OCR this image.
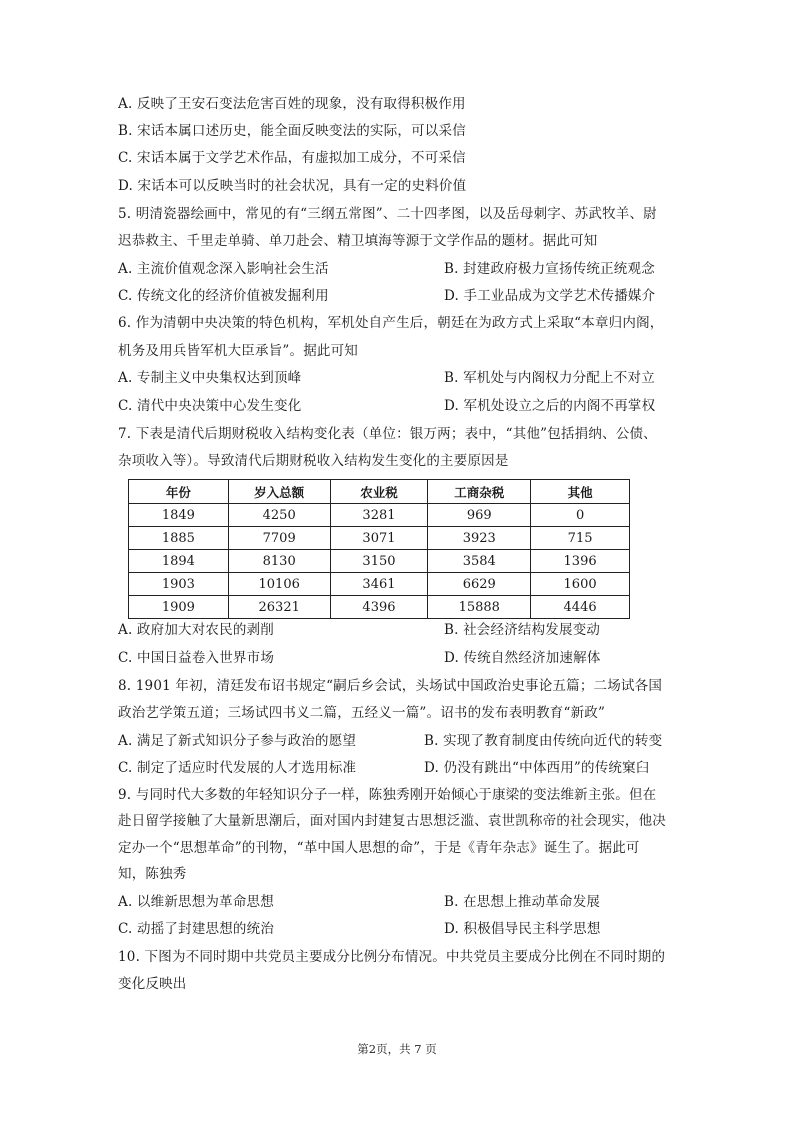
A. 反映了王安石变法危害百姓的现象，没有取得积极作用
B. 宋话本属口述历史，能全面反映变法的实际，可以采信
C. 宋话本属于文学艺术作品，有虚拟加工成分，不可采信
D. 宋话本可以反映当时的社会状况，具有一定的史料价值
5. 明清瓷器绘画中，常见的有“三纲五常图”、二十四孝图，以及岳母刺字、苏武牧羊、尉
迟恭救主、千里走单骑、单刀赴会、精卫填海等源于文学作品的题材。据此可知
A. 主流价值观念深入影响社会生活	B. 封建政府极力宣扬传统正统观念
C. 传统文化的经济价值被发掘利用	D. 手工业品成为文学艺术传播媒介
6. 作为清朝中央决策的特色机构，军机处自产生后，朝廷在为政方式上采取“本章归内阁，
机务及用兵皆军机大臣承旨”。据此可知
A. 专制主义中央集权达到顶峰	B. 军机处与内阁权力分配上不对立
C. 清代中央决策中心发生变化	D. 军机处设立之后的内阁不再掌权
7. 下表是清代后期财税收入结构变化表（单位：银万两；表中，“其他”包括捐纳、公债、
杂项收入等）。导致清代后期财税收入结构发生变化的主要原因是
年份	岁入总额	农业税	工商杂税	其他
1849	4250	3281	969	0
1885	7709	3071	3923	715
1894	8130	3150	3584	1396
1903	10106	3461	6629	1600
1909	26321	4396	15888	4446
A. 政府加大对农民的剥削	B. 社会经济结构发展变动
C. 中国日益卷入世界市场	D. 传统自然经济加速解体
8. 1901 年初，清廷发布诏书规定“嗣后乡会试，头场试中国政治史事论五篇；二场试各国
政治艺学策五道；三场试四书义二篇，五经义一篇”。诏书的发布表明教育“新政”
A. 满足了新式知识分子参与政治的愿望	B. 实现了教育制度由传统向近代的转变
C. 制定了适应时代发展的人才选用标准	D. 仍没有跳出“中体西用”的传统窠臼
9. 与同时代大多数的年轻知识分子一样，陈独秀刚开始倾心于康梁的变法维新主张。但在
赴日留学接触了大量新思潮后，面对国内封建复古思想泛滥、袁世凯称帝的社会现实，他决
定办一个“思想革命”的刊物，“革中国人思想的命”，于是《青年杂志》诞生了。据此可
知，陈独秀
A. 以维新思想为革命思想	B. 在思想上推动革命发展
C. 动摇了封建思想的统治	D. 积极倡导民主科学思想
10. 下图为不同时期中共党员主要成分比例分布情况。中共党员主要成分比例在不同时期的
变化反映出
第2页，共 7 页
